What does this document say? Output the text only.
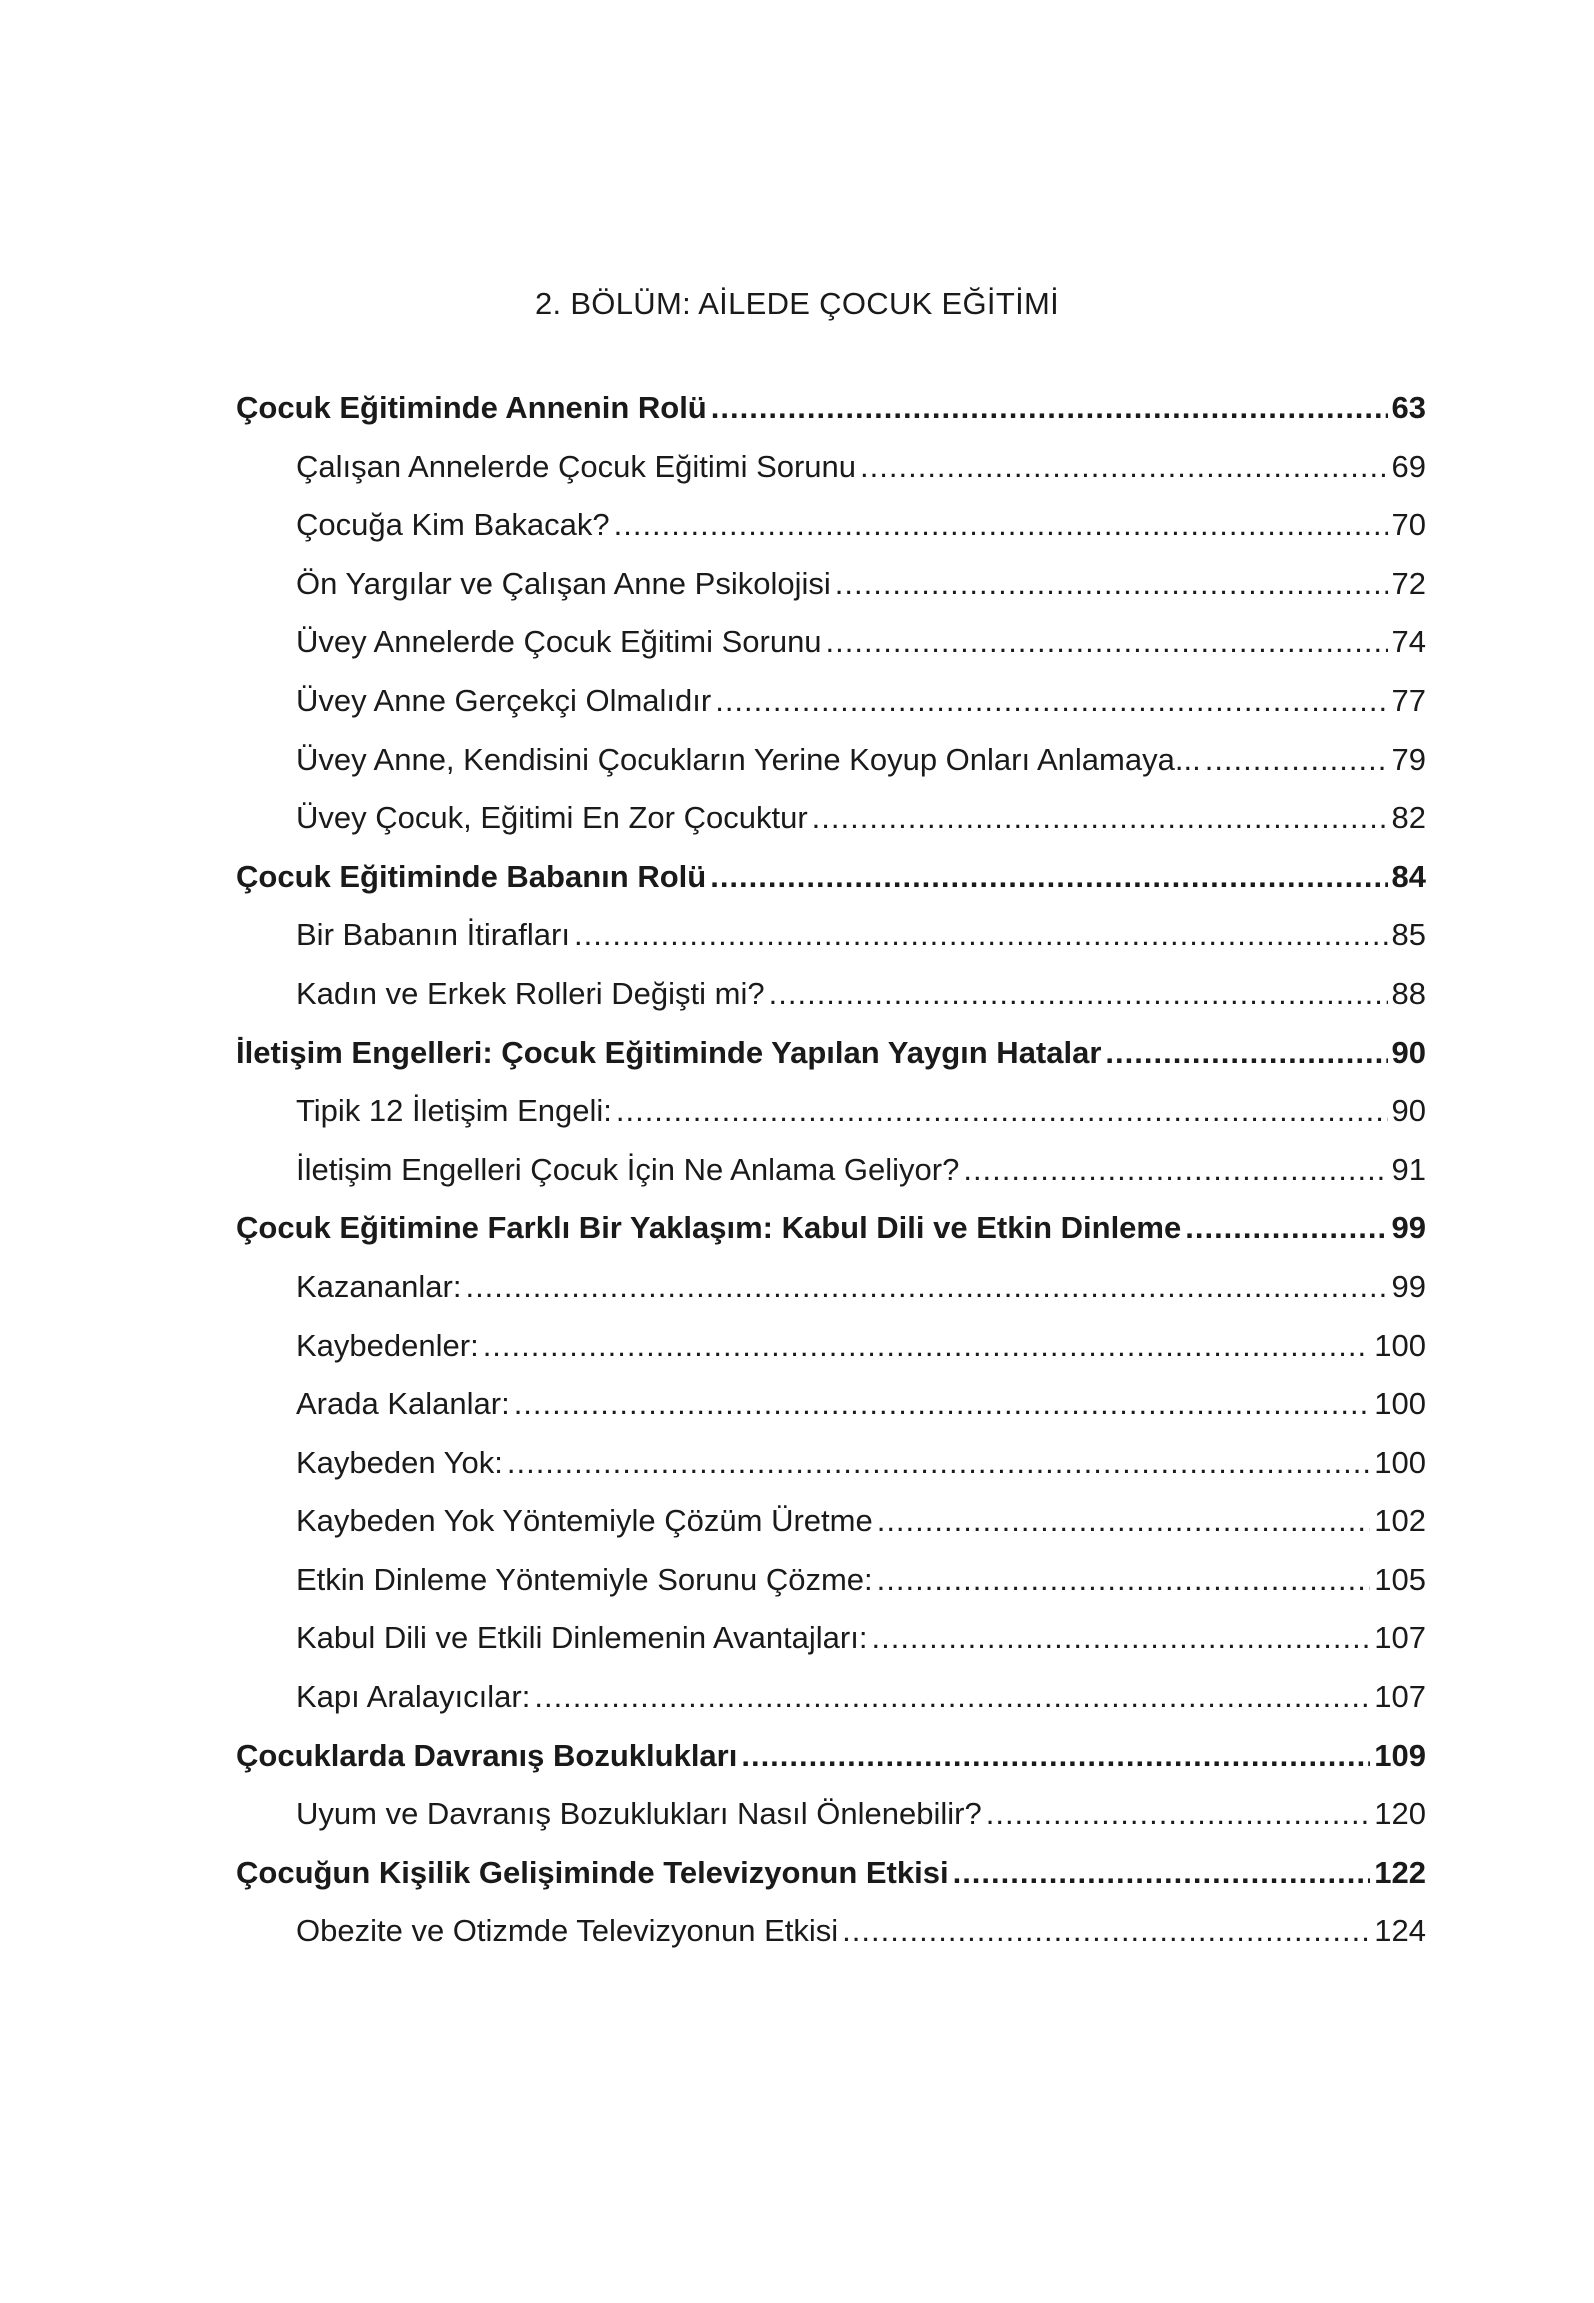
2. BÖLÜM: AİLEDE ÇOCUK EĞİTİMİ
Çocuk Eğitiminde Annenin Rolü .....	63
Çalışan Annelerde Çocuk Eğitimi Sorunu .....	69
Çocuğa Kim Bakacak? .....	70
Ön Yargılar ve Çalışan Anne Psikolojisi .....	72
Üvey Annelerde Çocuk Eğitimi Sorunu .....	74
Üvey Anne Gerçekçi Olmalıdır .....	77
Üvey Anne, Kendisini Çocukların Yerine Koyup Onları Anlamaya... .....	79
Üvey Çocuk, Eğitimi En Zor Çocuktur .....	82
Çocuk Eğitiminde Babanın Rolü .....	84
Bir Babanın İtirafları .....	85
Kadın ve Erkek Rolleri Değişti mi? .....	88
İletişim Engelleri: Çocuk Eğitiminde Yapılan Yaygın Hatalar .....	90
Tipik 12 İletişim Engeli: .....	90
İletişim Engelleri Çocuk İçin Ne Anlama Geliyor? .....	91
Çocuk Eğitimine Farklı Bir Yaklaşım: Kabul Dili ve Etkin Dinleme .....	99
Kazananlar: .....	99
Kaybedenler: .....	100
Arada Kalanlar: .....	100
Kaybeden Yok: .....	100
Kaybeden Yok Yöntemiyle Çözüm Üretme .....	102
Etkin Dinleme Yöntemiyle Sorunu Çözme: .....	105
Kabul Dili ve Etkili Dinlemenin Avantajları: .....	107
Kapı Aralayıcılar: .....	107
Çocuklarda Davranış Bozuklukları .....	109
Uyum ve Davranış Bozuklukları Nasıl Önlenebilir? .....	120
Çocuğun Kişilik Gelişiminde Televizyonun Etkisi .....	122
Obezite ve Otizmde Televizyonun Etkisi .....	124
